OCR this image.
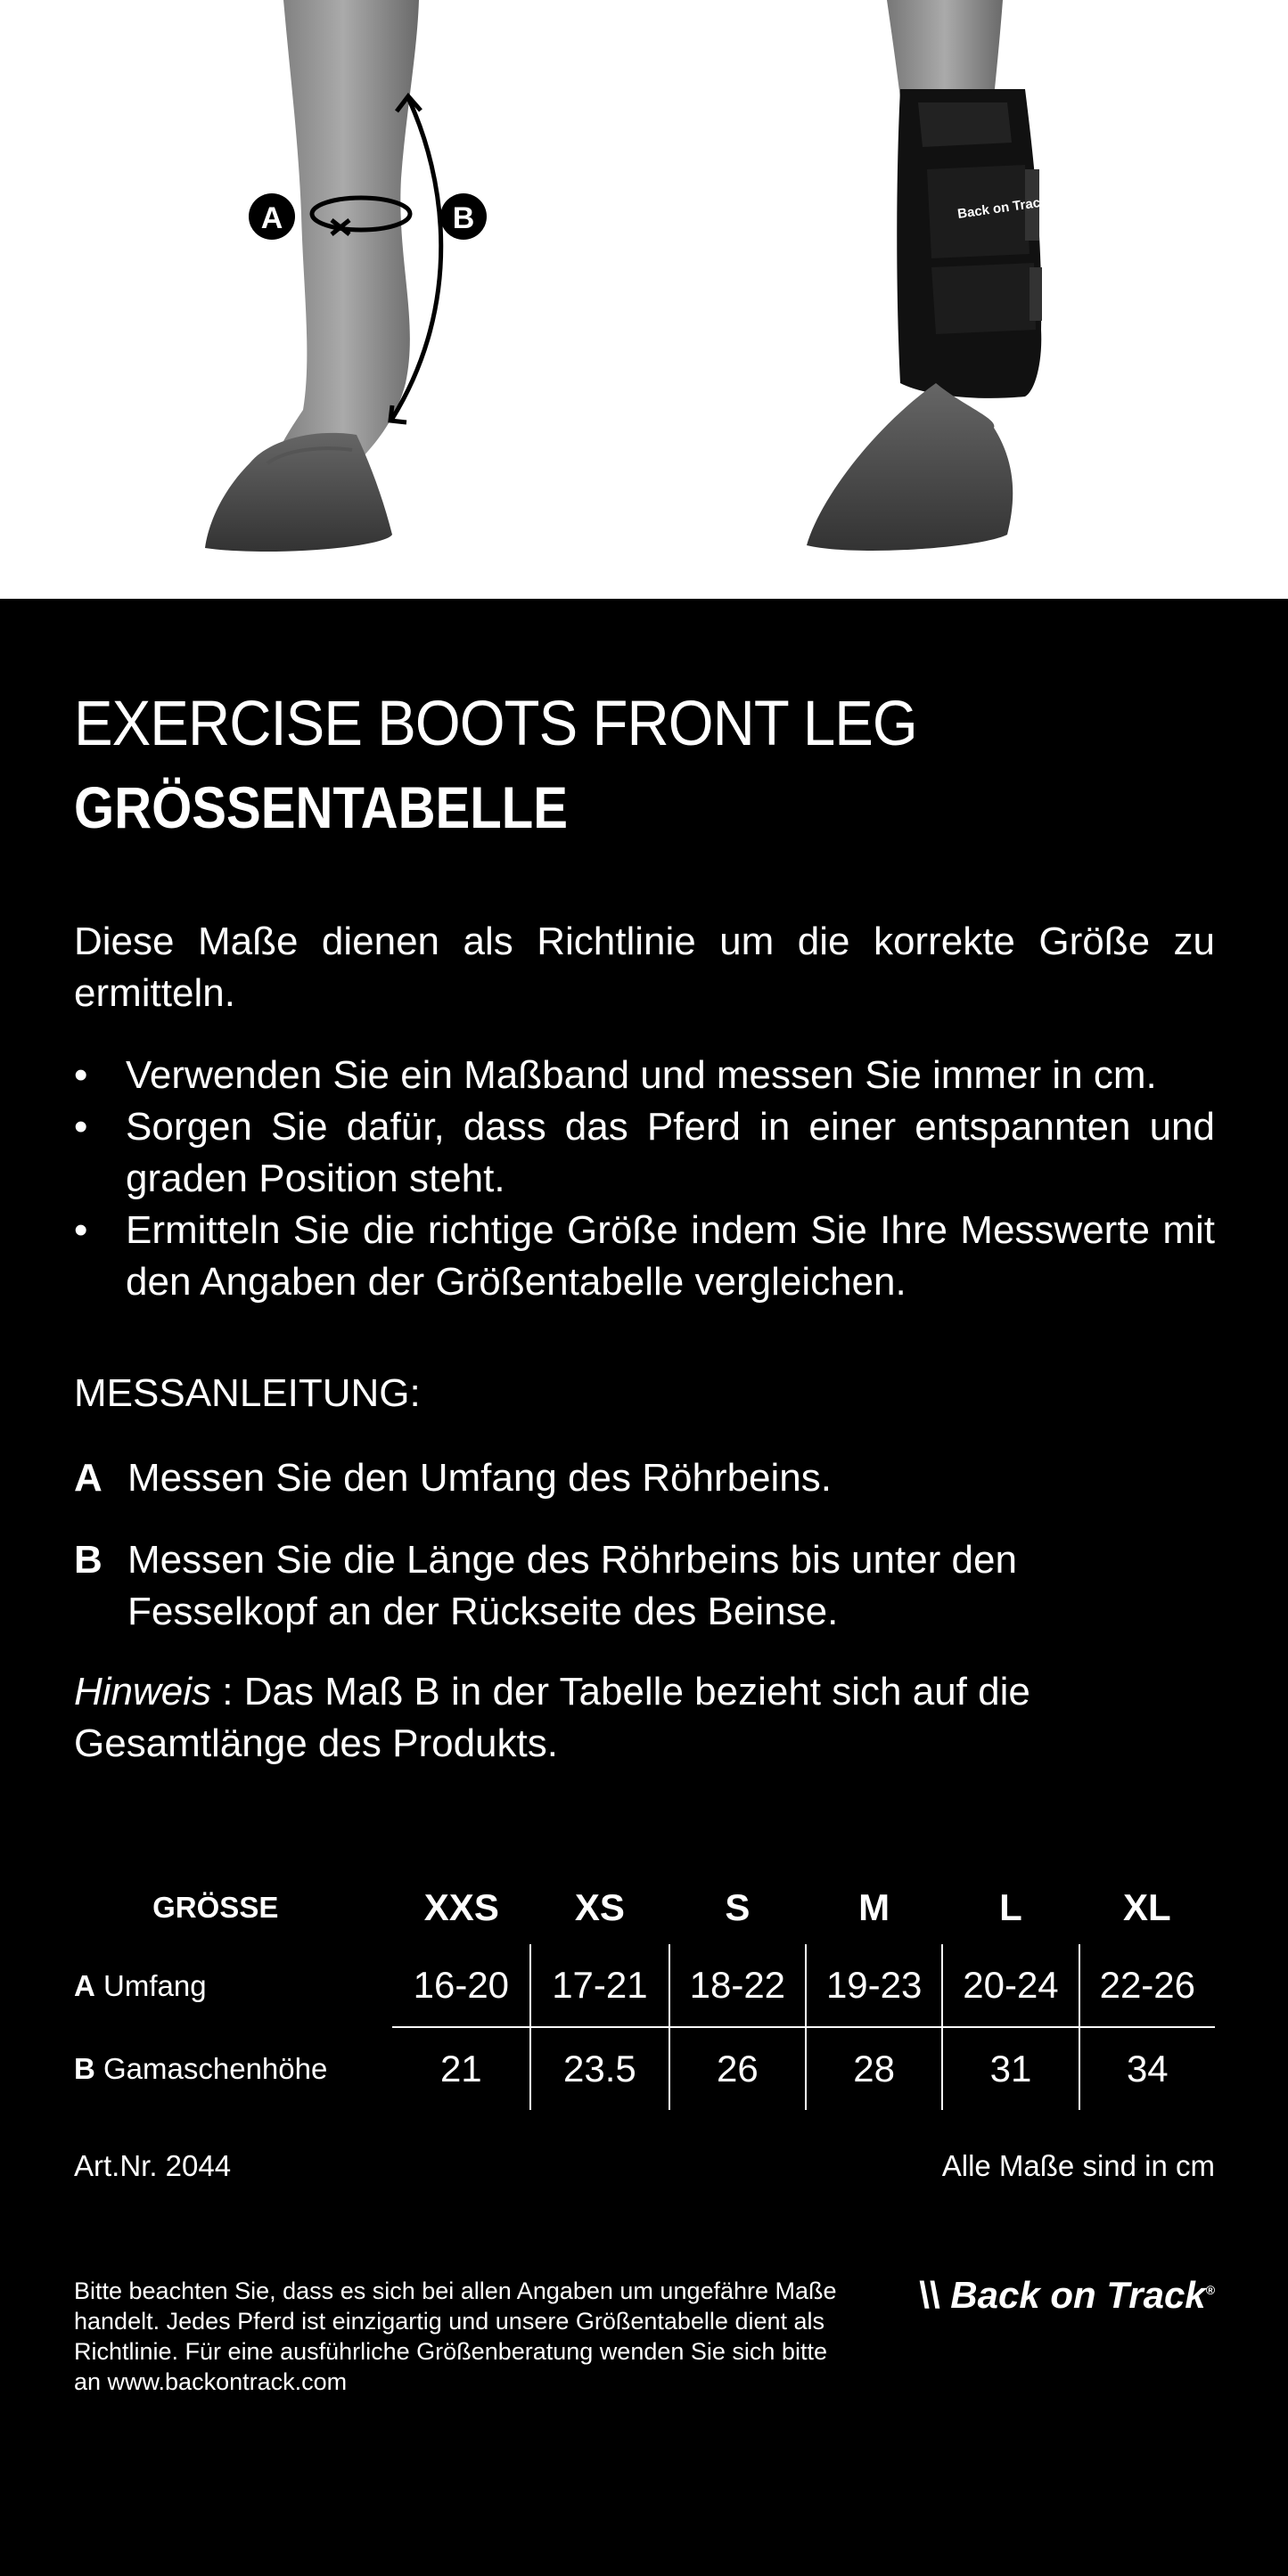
A	B	Back on Track
EXERCISE BOOTS FRONT LEG
GRÖSSENTABELLE
Diese Maße dienen als Richtlinie um die korrekte Größe zu ermitteln.
• Verwenden Sie ein Maßband und messen Sie immer in cm.
• Sorgen Sie dafür, dass das Pferd in einer entspannten und graden Position steht.
• Ermitteln Sie die richtige Größe indem Sie Ihre Messwerte mit den Angaben der Größentabelle vergleichen.
MESSANLEITUNG:
A Messen Sie den Umfang des Röhrbeins.
B Messen Sie die Länge des Röhrbeins bis unter den Fesselkopf an der Rückseite des Beinse.
Hinweis : Das Maß B in der Tabelle bezieht sich auf die Gesamtlänge des Produkts.
GRÖSSE	XXS	XS	S	M	L	XL
A Umfang	16-20	17-21	18-22	19-23	20-24	22-26
B Gamaschenhöhe	21	23.5	26	28	31	34
Art.Nr. 2044	Alle Maße sind in cm
Bitte beachten Sie, dass es sich bei allen Angaben um ungefähre Maße handelt. Jedes Pferd ist einzigartig und unsere Größentabelle dient als Richtlinie. Für eine ausführliche Größenberatung wenden Sie sich bitte an www.backontrack.com
\\ Back on Track®
